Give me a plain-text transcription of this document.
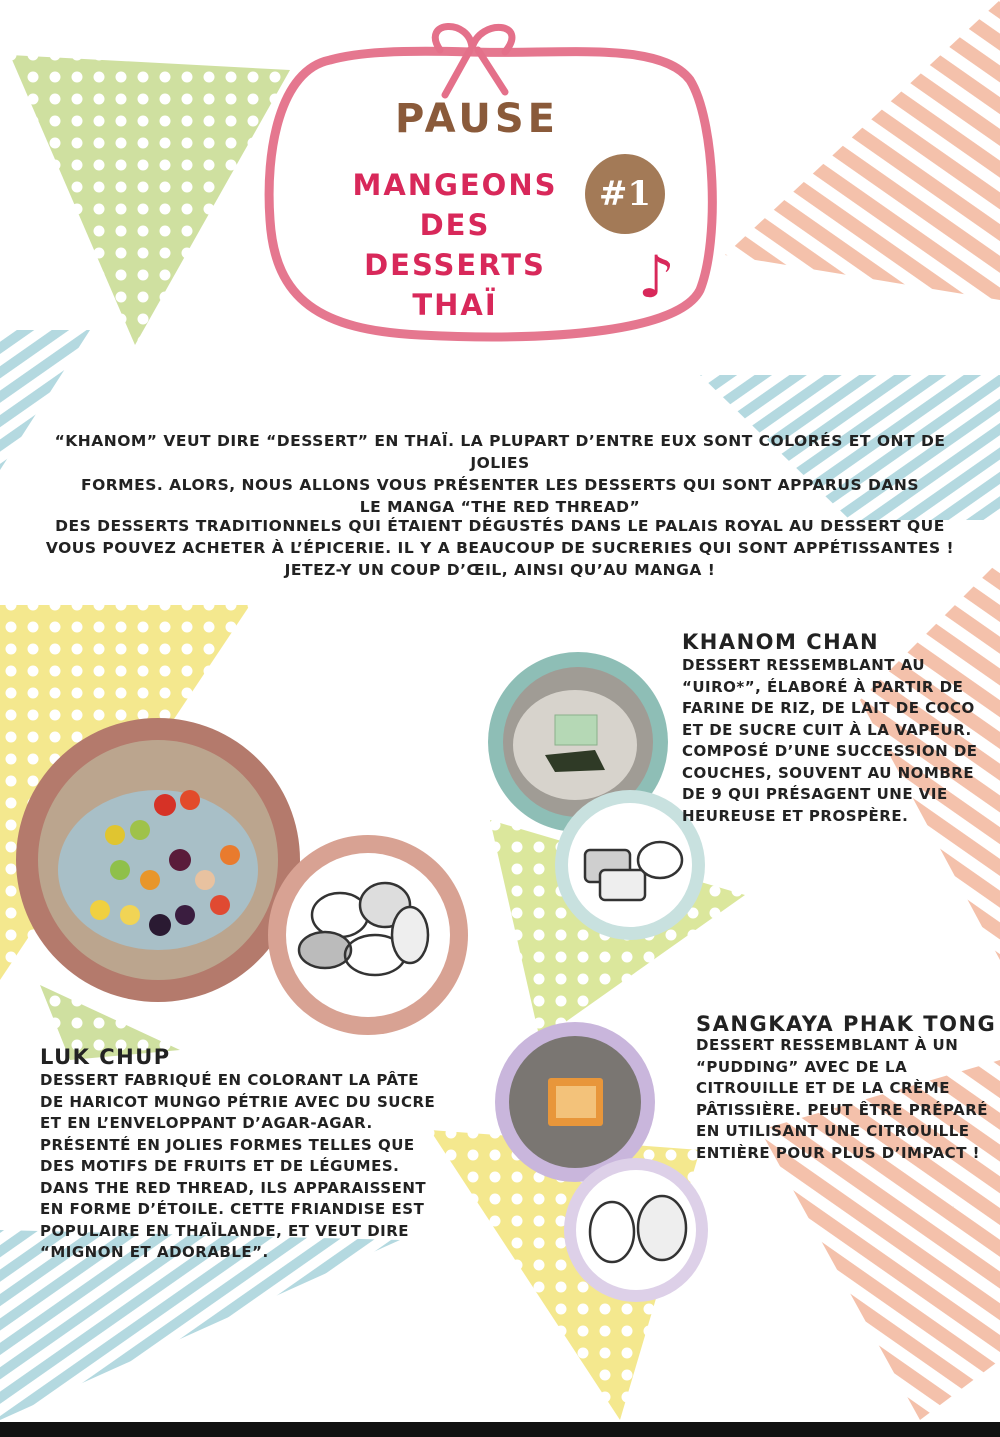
PAUSE
MANGEONS
DES DESSERTS
THAÏ
#1
♪
“KHANOM” VEUT DIRE “DESSERT” EN THAÏ. LA PLUPART D’ENTRE EUX SONT COLORÉS ET ONT DE JOLIES
FORMES. ALORS, NOUS ALLONS VOUS PRÉSENTER LES DESSERTS QUI SONT APPARUS DANS
LE MANGA “THE RED THREAD”
DES DESSERTS TRADITIONNELS QUI ÉTAIENT DÉGUSTÉS DANS LE PALAIS ROYAL AU DESSERT QUE
VOUS POUVEZ ACHETER À L’ÉPICERIE. IL Y A BEAUCOUP DE SUCRERIES QUI SONT APPÉTISSANTES !
JETEZ-Y UN COUP D’ŒIL, AINSI QU’AU MANGA !
KHANOM CHAN
DESSERT RESSEMBLANT AU “UIRO*”, ÉLABORÉ À PARTIR DE FARINE DE RIZ, DE LAIT DE COCO ET DE SUCRE CUIT À LA VAPEUR. COMPOSÉ D’UNE SUCCESSION DE COUCHES, SOUVENT AU NOMBRE DE 9 QUI PRÉSAGENT UNE VIE HEUREUSE ET PROSPÈRE.
LUK CHUP
DESSERT FABRIQUÉ EN COLORANT LA PÂTE DE HARICOT MUNGO PÉTRIE AVEC DU SUCRE ET EN L’ENVELOPPANT D’AGAR-AGAR. PRÉSENTÉ EN JOLIES FORMES TELLES QUE DES MOTIFS DE FRUITS ET DE LÉGUMES. DANS THE RED THREAD, ILS APPARAISSENT EN FORME D’ÉTOILE. CETTE FRIANDISE EST POPULAIRE EN THAÏLANDE, ET VEUT DIRE “MIGNON ET ADORABLE”.
SANGKAYA PHAK TONG
DESSERT RESSEMBLANT À UN “PUDDING” AVEC DE LA CITROUILLE ET DE LA CRÈME PÂTISSIÈRE. PEUT ÊTRE PRÉPARÉ EN UTILISANT UNE CITROUILLE ENTIÈRE POUR PLUS D’IMPACT !
